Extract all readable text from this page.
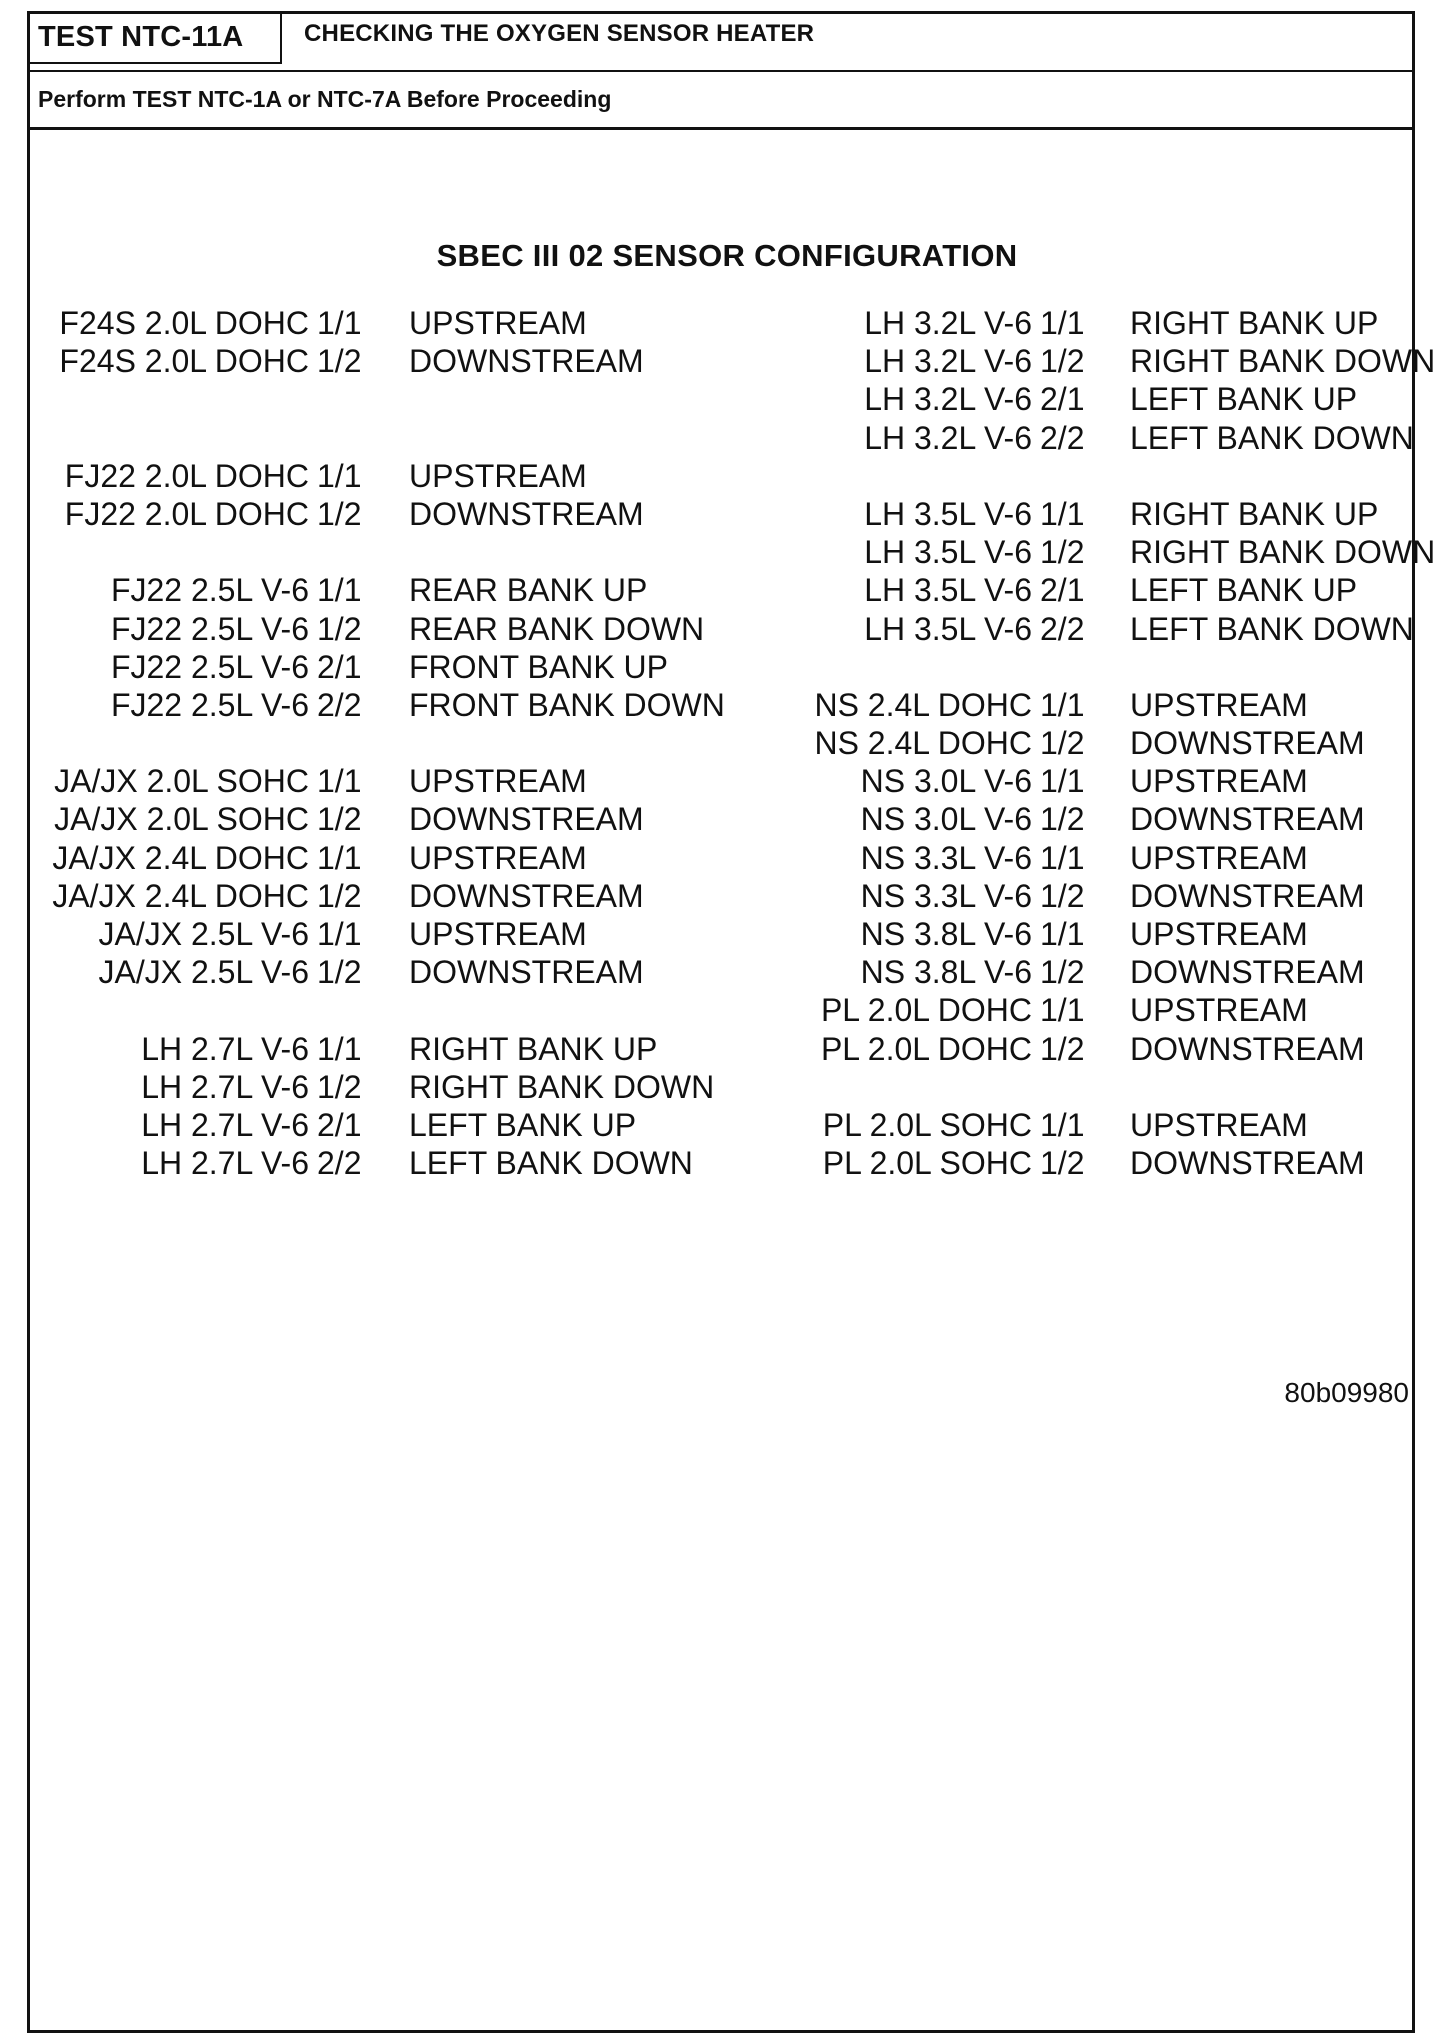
TEST NTC-11A	CHECKING THE OXYGEN SENSOR HEATER
Perform TEST NTC-1A or NTC-7A Before Proceeding
SBEC III 02 SENSOR CONFIGURATION
F24S 2.0L DOHC 1/1 UPSTREAM
F24S 2.0L DOHC 1/2 DOWNSTREAM
FJ22 2.0L DOHC 1/1 UPSTREAM
FJ22 2.0L DOHC 1/2 DOWNSTREAM
FJ22 2.5L V-6 1/1 REAR BANK UP
FJ22 2.5L V-6 1/2 REAR BANK DOWN
FJ22 2.5L V-6 2/1 FRONT BANK UP
FJ22 2.5L V-6 2/2 FRONT BANK DOWN
JA/JX 2.0L SOHC 1/1 UPSTREAM
JA/JX 2.0L SOHC 1/2 DOWNSTREAM
JA/JX 2.4L DOHC 1/1 UPSTREAM
JA/JX 2.4L DOHC 1/2 DOWNSTREAM
JA/JX 2.5L V-6 1/1 UPSTREAM
JA/JX 2.5L V-6 1/2 DOWNSTREAM
LH 2.7L V-6 1/1 RIGHT BANK UP
LH 2.7L V-6 1/2 RIGHT BANK DOWN
LH 2.7L V-6 2/1 LEFT BANK UP
LH 2.7L V-6 2/2 LEFT BANK DOWN
LH 3.2L V-6 1/1 RIGHT BANK UP
LH 3.2L V-6 1/2 RIGHT BANK DOWN
LH 3.2L V-6 2/1 LEFT BANK UP
LH 3.2L V-6 2/2 LEFT BANK DOWN
LH 3.5L V-6 1/1 RIGHT BANK UP
LH 3.5L V-6 1/2 RIGHT BANK DOWN
LH 3.5L V-6 2/1 LEFT BANK UP
LH 3.5L V-6 2/2 LEFT BANK DOWN
NS 2.4L DOHC 1/1 UPSTREAM
NS 2.4L DOHC 1/2 DOWNSTREAM
NS 3.0L V-6 1/1 UPSTREAM
NS 3.0L V-6 1/2 DOWNSTREAM
NS 3.3L V-6 1/1 UPSTREAM
NS 3.3L V-6 1/2 DOWNSTREAM
NS 3.8L V-6 1/1 UPSTREAM
NS 3.8L V-6 1/2 DOWNSTREAM
PL 2.0L DOHC 1/1 UPSTREAM
PL 2.0L DOHC 1/2 DOWNSTREAM
PL 2.0L SOHC 1/1 UPSTREAM
PL 2.0L SOHC 1/2 DOWNSTREAM
80b09980
